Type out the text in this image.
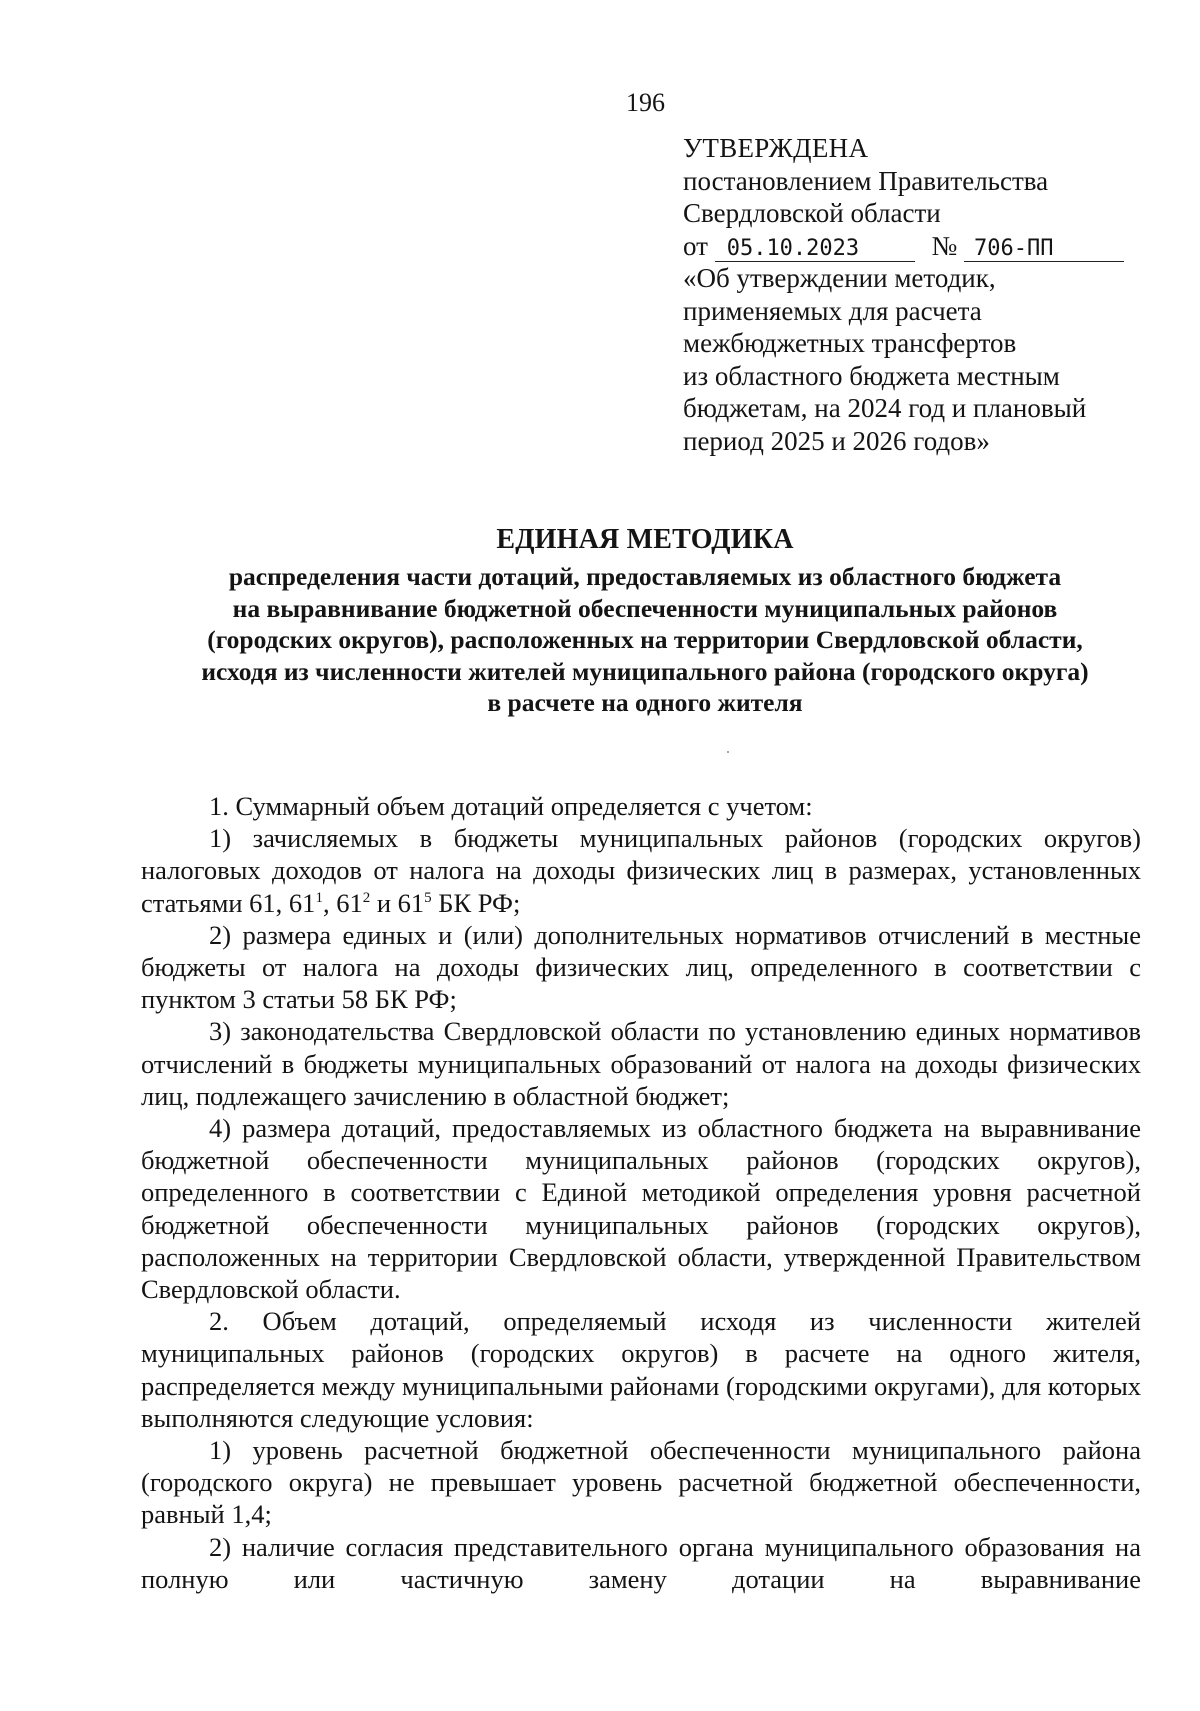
196
УТВЕРЖДЕНА
постановлением Правительства
Свердловской области
от 05.10.2023	№ 706-ПП
«Об утверждении методик,
применяемых для расчета
межбюджетных трансфертов
из областного бюджета местным
бюджетам, на 2024 год и плановый
период 2025 и 2026 годов»
ЕДИНАЯ МЕТОДИКА
распределения части дотаций, предоставляемых из областного бюджета
на выравнивание бюджетной обеспеченности муниципальных районов
(городских округов), расположенных на территории Свердловской области,
исходя из численности жителей муниципального района (городского округа)
в расчете на одного жителя

1. Суммарный объем дотаций определяется с учетом:

1) зачисляемых в бюджеты муниципальных районов (городских округов) налоговых доходов от налога на доходы физических лиц в размерах, установленных статьями 61, $61^1$, $61^2$ и $61^5$ БК РФ;

2) размера единых и (или) дополнительных нормативов отчислений в местные бюджеты от налога на доходы физических лиц, определенного в соответствии с пунктом 3 статьи 58 БК РФ;

3) законодательства Свердловской области по установлению единых нормативов отчислений в бюджеты муниципальных образований от налога на доходы физических лиц, подлежащего зачислению в областной бюджет;

4) размера дотаций, предоставляемых из областного бюджета на выравнивание бюджетной обеспеченности муниципальных районов (городских округов), определенного в соответствии с Единой методикой определения уровня расчетной бюджетной обеспеченности муниципальных районов (городских округов), расположенных на территории Свердловской области, утвержденной Правительством Свердловской области.

2. Объем дотаций, определяемый исходя из численности жителей муниципальных районов (городских округов) в расчете на одного жителя, распределяется между муниципальными районами (городскими округами), для которых выполняются следующие условия:

1) уровень расчетной бюджетной обеспеченности муниципального района (городского округа) не превышает уровень расчетной бюджетной обеспеченности, равный 1,4;

2) наличие согласия представительного органа муниципального образования на полную или частичную замену дотации на выравнивание
